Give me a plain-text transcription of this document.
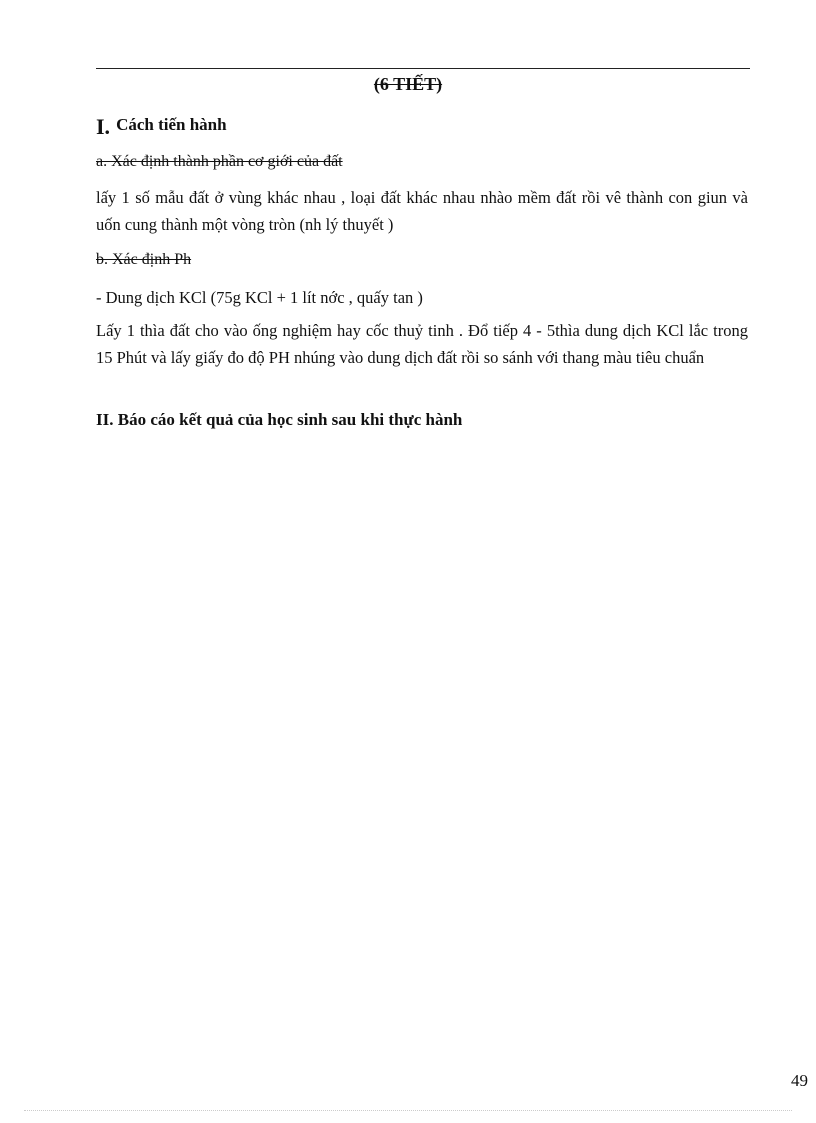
(6 TIẾT)
I. Cách tiến hành
a. Xác định thành phần cơ giới của đất
lấy 1 số mẫu đất ở vùng khác nhau , loại đất khác nhau nhào mềm đất rồi vê thành con giun và uốn cung thành một vòng tròn (nh lý thuyết )
b. Xác định Ph
- Dung dịch KCl (75g KCl + 1 lít nớc , quấy tan )
Lấy 1 thìa đất cho vào ống nghiệm hay cốc thuỷ tinh . Đổ tiếp 4 - 5thìa dung dịch KCl lắc trong 15 Phút và lấy giấy đo độ PH nhúng vào dung dịch đất rồi so sánh với thang màu tiêu chuẩn
II. Báo cáo kết quả của học sinh sau khi thực hành
49
